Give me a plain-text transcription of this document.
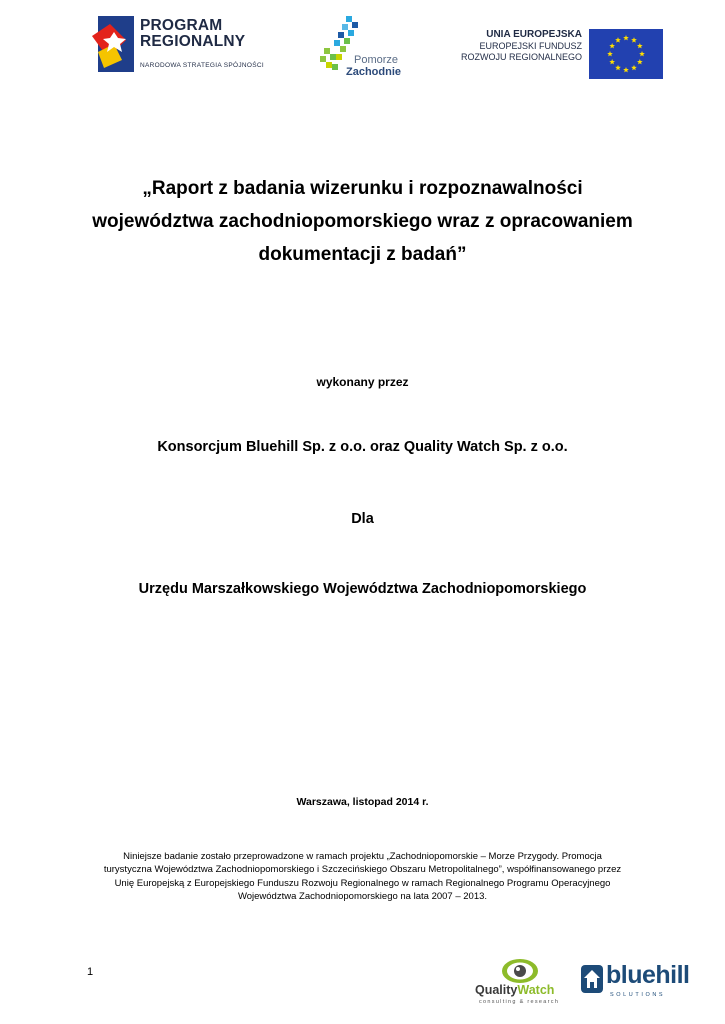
PROGRAM
REGIONALNY
NARODOWA STRATEGIA SPÓJNOŚCI	Pomorze
Zachodnie
UNIA EUROPEJSKA
EUROPEJSKI FUNDUSZ
ROZWOJU REGIONALNEGO
„Raport z badania wizerunku i rozpoznawalności
województwa zachodniopomorskiego wraz z opracowaniem
dokumentacji z badań”
wykonany przez
Konsorcjum Bluehill Sp. z o.o. oraz Quality Watch Sp. z o.o.
Dla
Urzędu Marszałkowskiego Województwa Zachodniopomorskiego
Warszawa, listopad 2014 r.
Niniejsze badanie zostało przeprowadzone w ramach projektu „Zachodniopomorskie – Morze Przygody. Promocja
turystyczna Województwa Zachodniopomorskiego i Szczecińskiego Obszaru Metropolitalnego”, współfinansowanego przez
Unię Europejską z Europejskiego Funduszu Rozwoju Regionalnego w ramach Regionalnego Programu Operacyjnego
Województwa Zachodniopomorskiego na lata 2007 – 2013.
1
QualityWatch
consulting & research
bluehill
SOLUTIONS
